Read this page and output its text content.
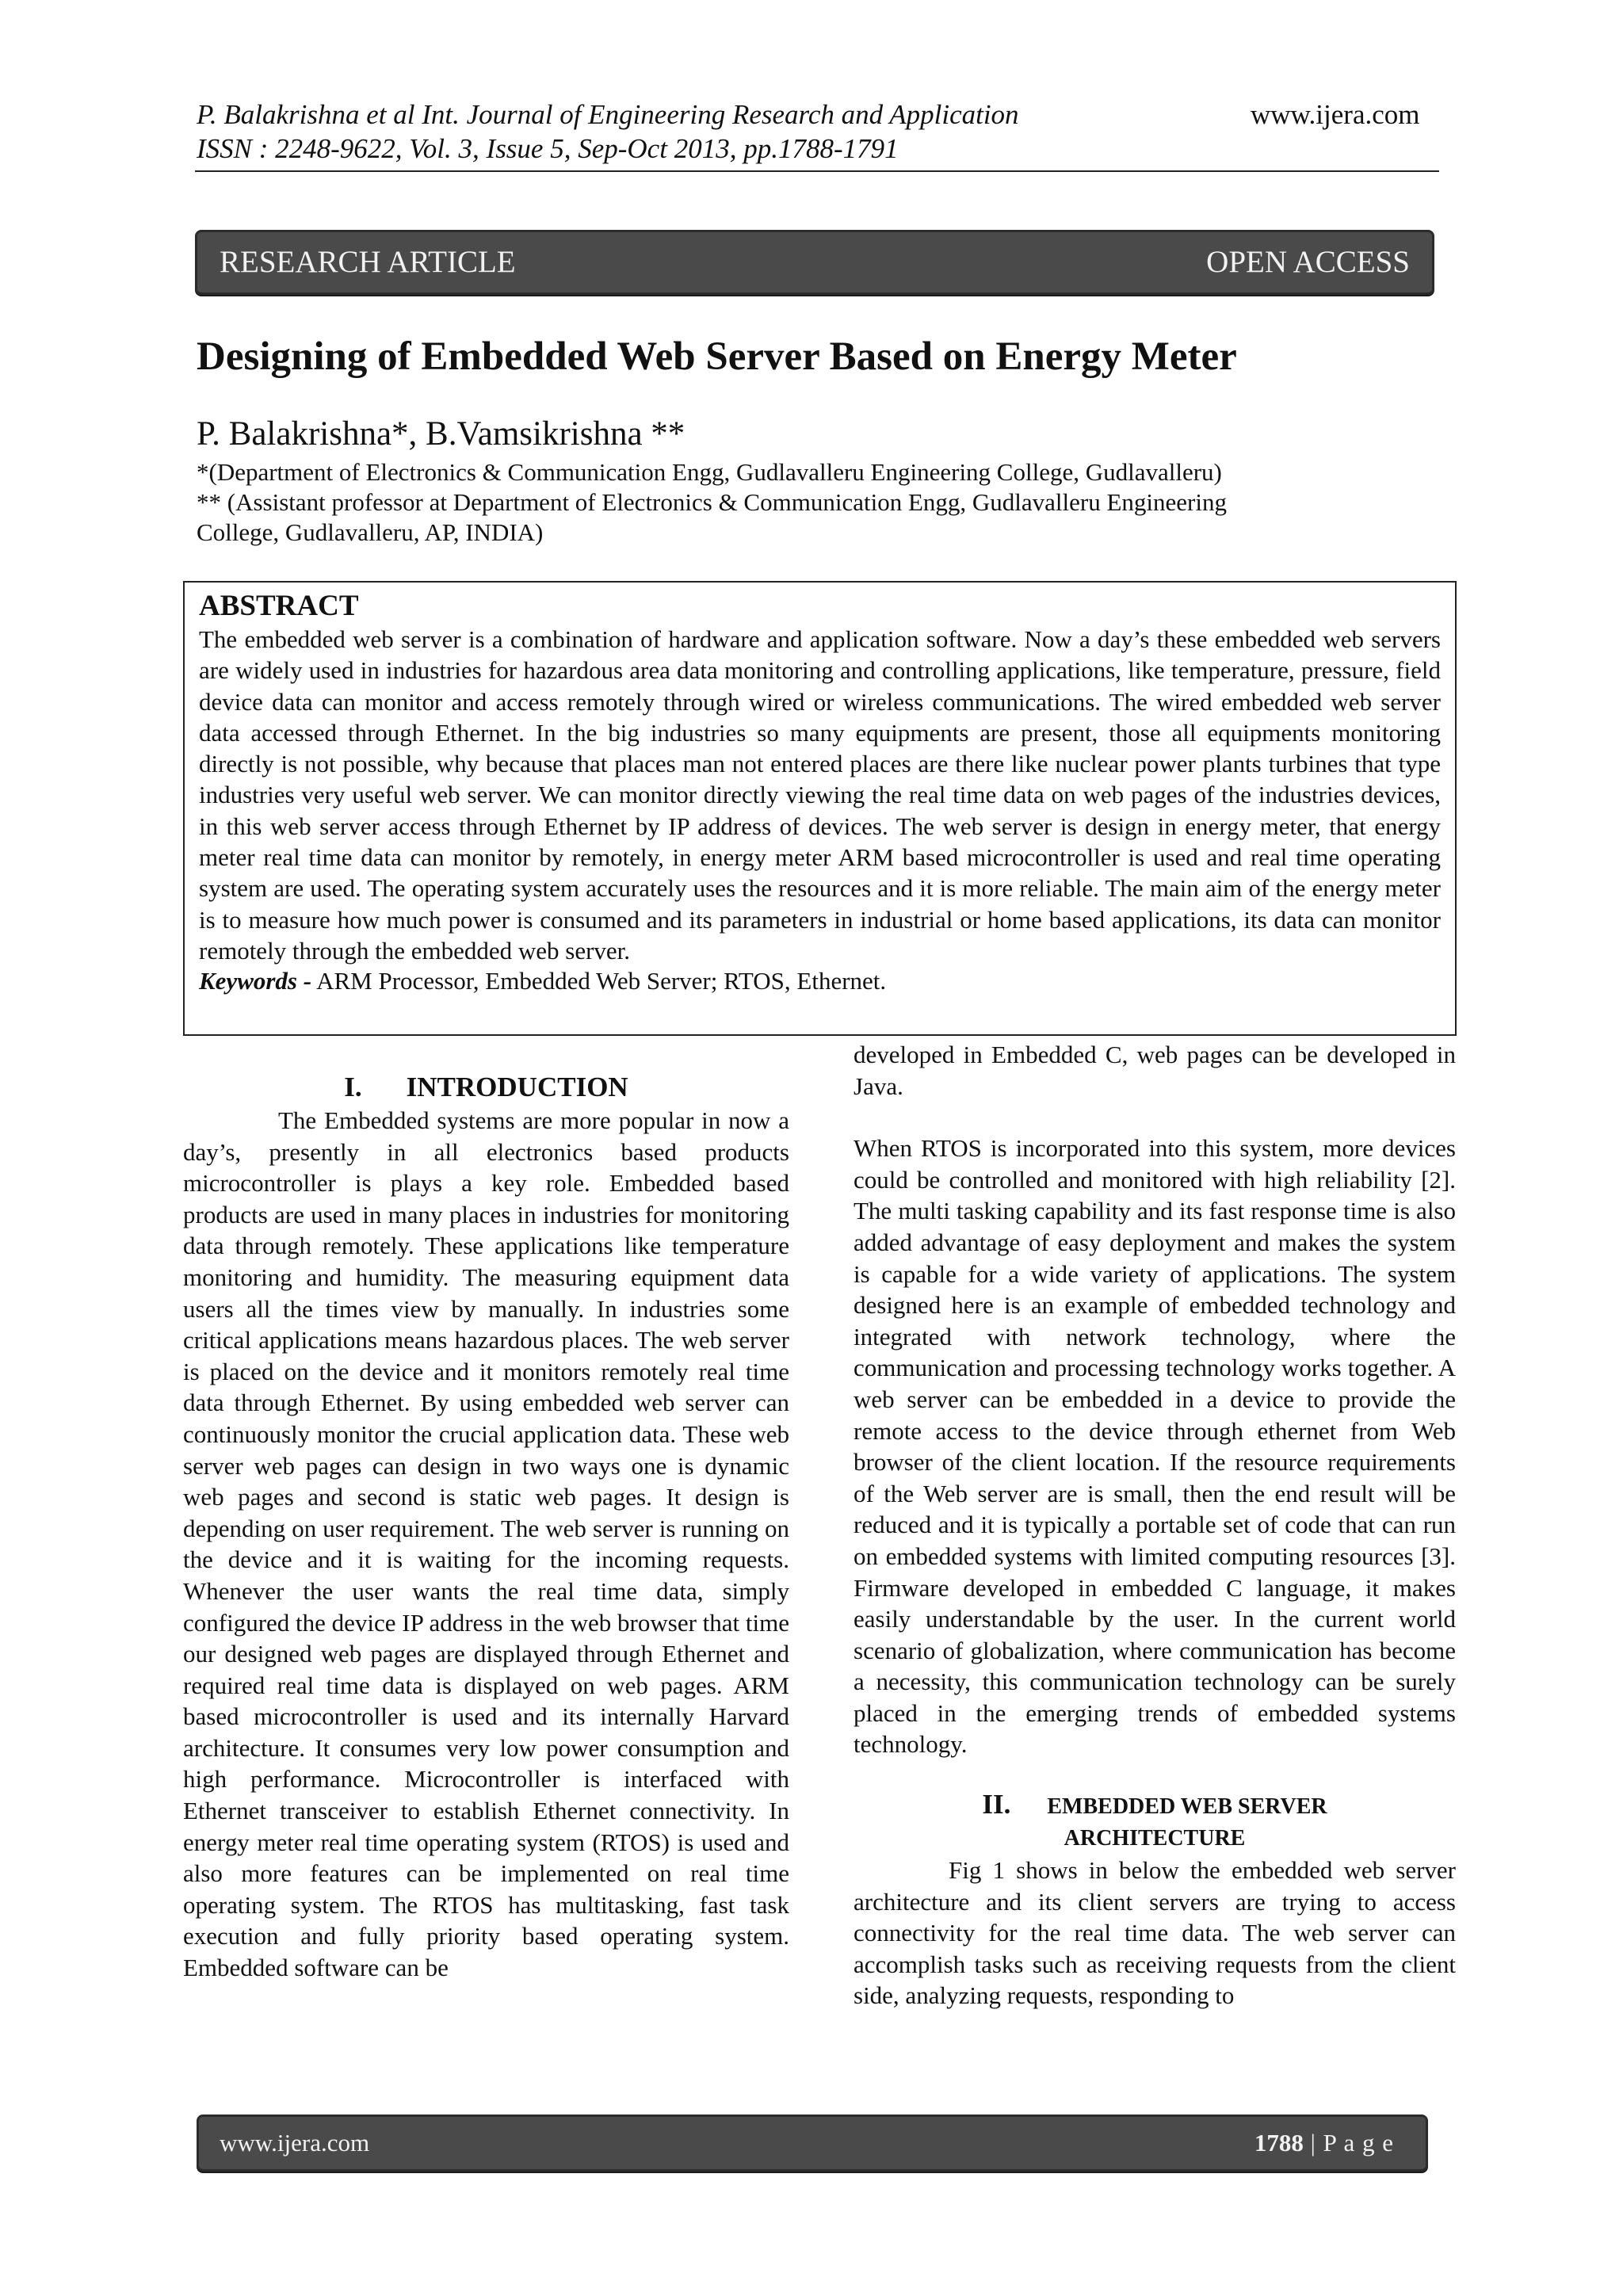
P. Balakrishna et al Int. Journal of Engineering Research and Application	www.ijera.com
ISSN : 2248-9622, Vol. 3, Issue 5, Sep-Oct 2013, pp.1788-1791
RESEARCH ARTICLE	OPEN ACCESS
Designing of Embedded Web Server Based on Energy Meter
P. Balakrishna*, B.Vamsikrishna **
*(Department of Electronics & Communication Engg, Gudlavalleru Engineering College, Gudlavalleru)
** (Assistant professor at Department of Electronics & Communication Engg, Gudlavalleru Engineering
College, Gudlavalleru, AP, INDIA)
ABSTRACT

The embedded web server is a combination of hardware and application software. Now a day’s these embedded web servers are widely used in industries for hazardous area data monitoring and controlling applications, like temperature, pressure, field device data can monitor and access remotely through wired or wireless communications. The wired embedded web server data accessed through Ethernet. In the big industries so many equipments are present, those all equipments monitoring directly is not possible, why because that places man not entered places are there like nuclear power plants turbines that type industries very useful web server. We can monitor directly viewing the real time data on web pages of the industries devices, in this web server access through Ethernet by IP address of devices. The web server is design in energy meter, that energy meter real time data can monitor by remotely, in energy meter ARM based microcontroller is used and real time operating system are used. The operating system accurately uses the resources and it is more reliable. The main aim of the energy meter is to measure how much power is consumed and its parameters in industrial or home based applications, its data can monitor remotely through the embedded web server.

Keywords - ARM Processor, Embedded Web Server; RTOS, Ethernet.
I. INTRODUCTION

The Embedded systems are more popular in now a day’s, presently in all electronics based products microcontroller is plays a key role. Embedded based products are used in many places in industries for monitoring data through remotely. These applications like temperature monitoring and humidity. The measuring equipment data users all the times view by manually. In industries some critical applications means hazardous places. The web server is placed on the device and it monitors remotely real time data through Ethernet. By using embedded web server can continuously monitor the crucial application data. These web server web pages can design in two ways one is dynamic web pages and second is static web pages. It design is depending on user requirement. The web server is running on the device and it is waiting for the incoming requests. Whenever the user wants the real time data, simply configured the device IP address in the web browser that time our designed web pages are displayed through Ethernet and required real time data is displayed on web pages. ARM based microcontroller is used and its internally Harvard architecture. It consumes very low power consumption and high performance. Microcontroller is interfaced with Ethernet transceiver to establish Ethernet connectivity. In energy meter real time operating system (RTOS) is used and also more features can be implemented on real time operating system. The RTOS has multitasking, fast task execution and fully priority based operating system. Embedded software can be

developed in Embedded C, web pages can be developed in Java.

When RTOS is incorporated into this system, more devices could be controlled and monitored with high reliability [2]. The multi tasking capability and its fast response time is also added advantage of easy deployment and makes the system is capable for a wide variety of applications. The system designed here is an example of embedded technology and integrated with network technology, where the communication and processing technology works together. A web server can be embedded in a device to provide the remote access to the device through ethernet from Web browser of the client location. If the resource requirements of the Web server are is small, then the end result will be reduced and it is typically a portable set of code that can run on embedded systems with limited computing resources [3]. Firmware developed in embedded C language, it makes easily understandable by the user. In the current world scenario of globalization, where communication has become a necessity, this communication technology can be surely placed in the emerging trends of embedded systems technology.

II. EMBEDDED WEB SERVER
ARCHITECTURE

Fig 1 shows in below the embedded web server architecture and its client servers are trying to access connectivity for the real time data. The web server can accomplish tasks such as receiving requests from the client side, analyzing requests, responding to

www.ijera.com	1788 | P a g e
